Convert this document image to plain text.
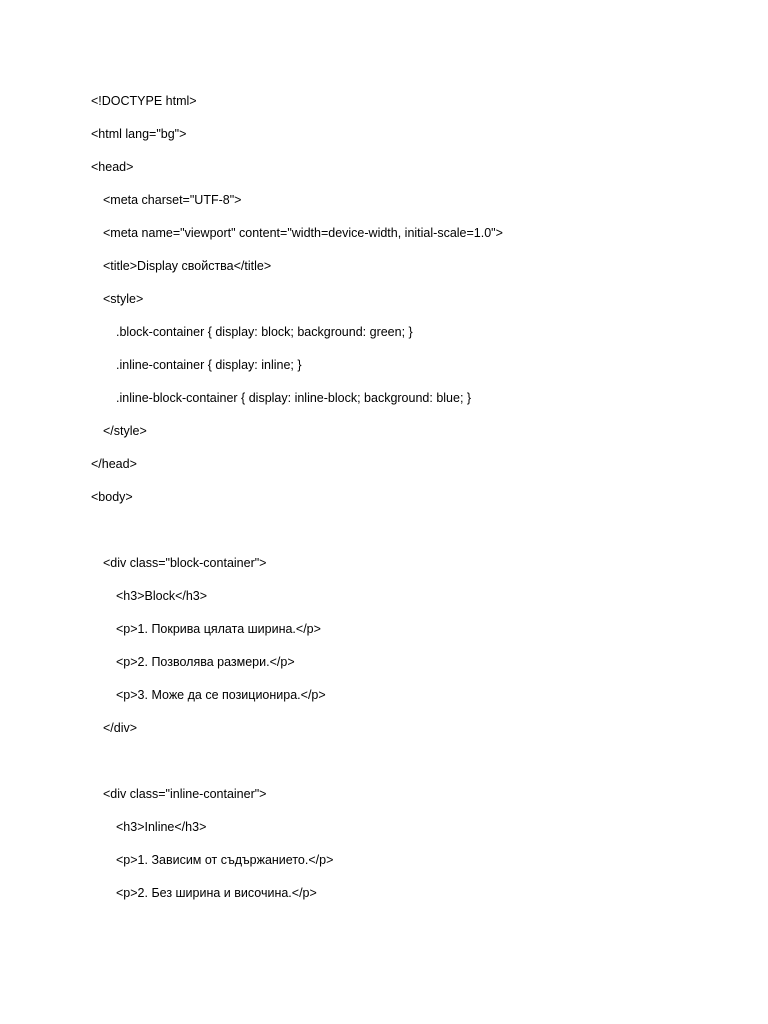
<!DOCTYPE html>
<html lang="bg">
<head>
<meta charset="UTF-8">
<meta name="viewport" content="width=device-width, initial-scale=1.0">
<title>Display свойства</title>
<style>
.block-container { display: block; background: green; }
.inline-container { display: inline; }
.inline-block-container { display: inline-block; background: blue; }
</style>
</head>
<body>
<div class="block-container">
<h3>Block</h3>
<p>1. Покрива цялата ширина.</p>
<p>2. Позволява размери.</p>
<p>3. Може да се позиционира.</p>
</div>
<div class="inline-container">
<h3>Inline</h3>
<p>1. Зависим от съдържанието.</p>
<p>2. Без ширина и височина.</p>
